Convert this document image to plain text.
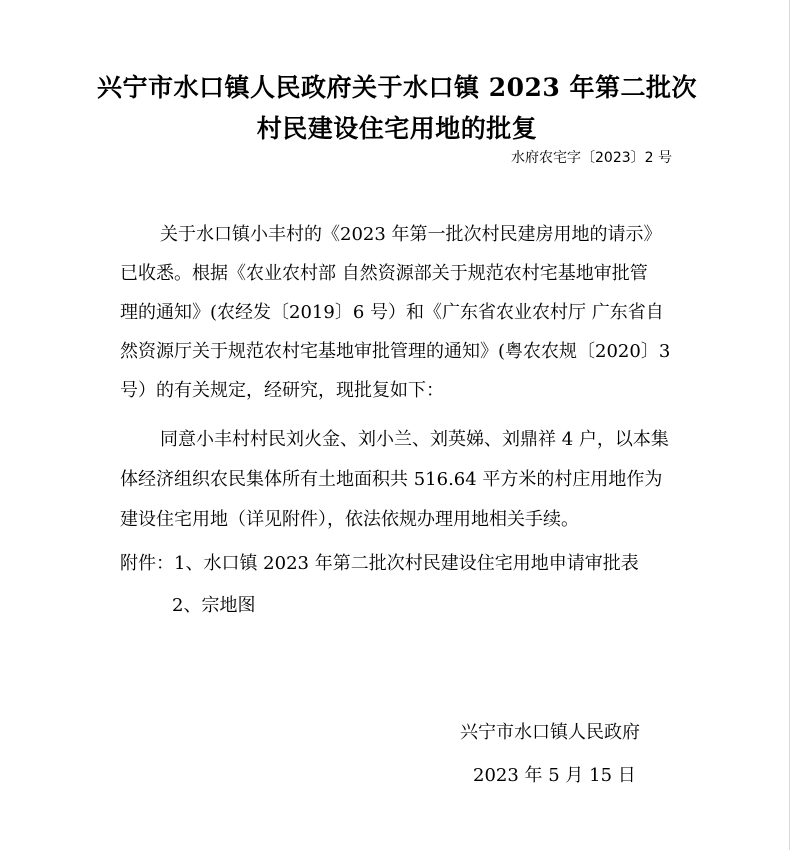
兴宁市水口镇人民政府关于水口镇 2023 年第二批次
村民建设住宅用地的批复
水府农宅字〔2023〕2 号
关于水口镇小丰村的《2023 年第一批次村民建房用地的请示》
已收悉。根据《农业农村部 自然资源部关于规范农村宅基地审批管
理的通知》(农经发〔2019〕6 号）和《广东省农业农村厅 广东省自
然资源厅关于规范农村宅基地审批管理的通知》(粤农农规〔2020〕3
号）的有关规定，经研究，现批复如下：
同意小丰村村民刘火金、刘小兰、刘英娣、刘鼎祥 4 户，以本集
体经济组织农民集体所有土地面积共 516.64 平方米的村庄用地作为
建设住宅用地（详见附件），依法依规办理用地相关手续。
附件：1、水口镇 2023 年第二批次村民建设住宅用地申请审批表
2、宗地图
兴宁市水口镇人民政府
2023 年 5 月 15 日
